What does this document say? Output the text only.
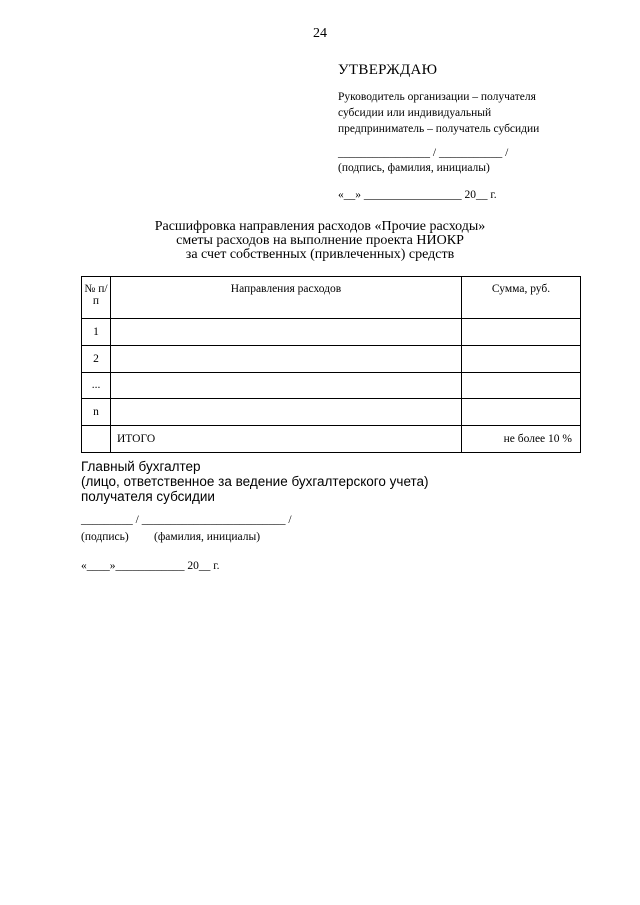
24
УТВЕРЖДАЮ
Руководитель организации – получателя
субсидии или индивидуальный
предприниматель – получатель субсидии
________________ / ___________ /
(подпись, фамилия, инициалы)
«__» _________________ 20__ г.
Расшифровка направления расходов «Прочие расходы»
сметы расходов на выполнение проекта НИОКР
за счет собственных (привлеченных) средств
№ п/п	Направления расходов	Сумма, руб.
1		
2		
...		
n		
	ИТОГО	не более 10 %
Главный бухгалтер
(лицо, ответственное за ведение бухгалтерского учета)
получателя субсидии
_________ / _________________________ /
(подпись) (фамилия, инициалы)
«____»____________ 20__ г.
